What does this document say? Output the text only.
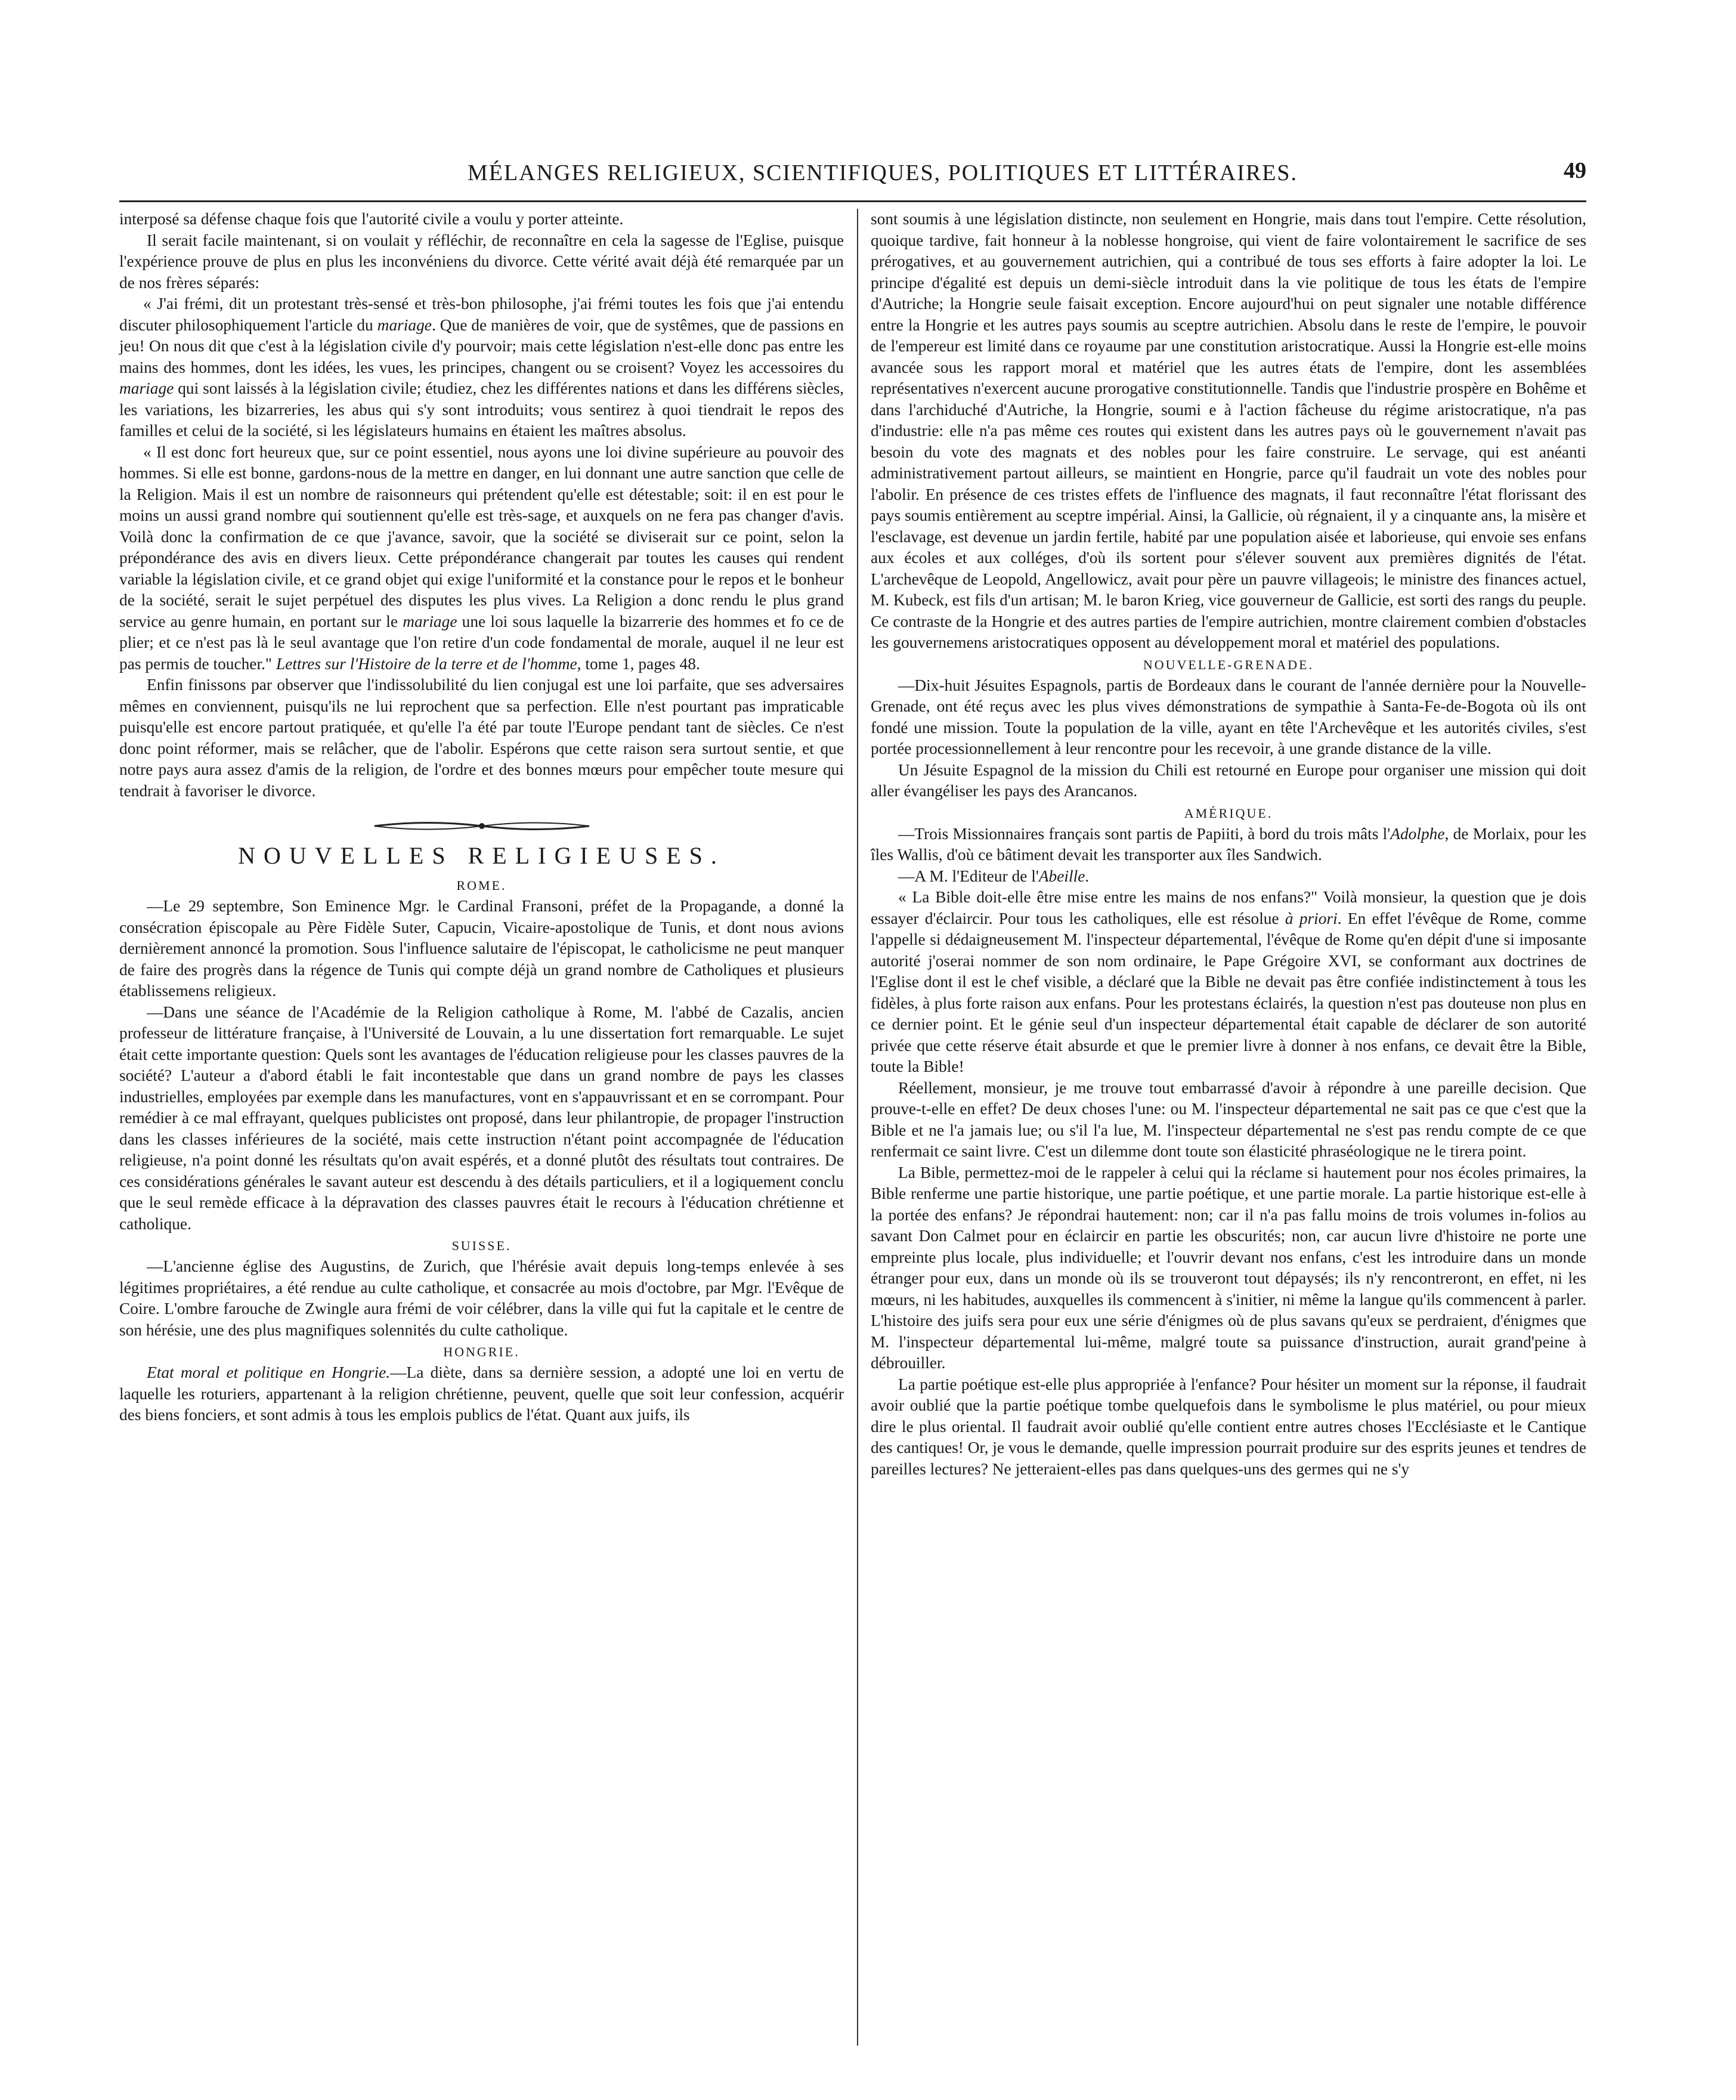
MÉLANGES RELIGIEUX, SCIENTIFIQUES, POLITIQUES ET LITTÉRAIRES.	49

interposé sa défense chaque fois que l'autorité civile a voulu y porter atteinte.

Il serait facile maintenant, si on voulait y réfléchir, de reconnaître en cela la sagesse de l'Eglise, puisque l'expérience prouve de plus en plus les inconvéniens du divorce. Cette vérité avait déjà été remarquée par un de nos frères séparés:

« J'ai frémi, dit un protestant très-sensé et très-bon philosophe, j'ai frémi toutes les fois que j'ai entendu discuter philosophiquement l'article du mariage. Que de manières de voir, que de systêmes, que de passions en jeu! On nous dit que c'est à la législation civile d'y pourvoir; mais cette législation n'est-elle donc pas entre les mains des hommes, dont les idées, les vues, les principes, changent ou se croisent? Voyez les accessoires du mariage qui sont laissés à la législation civile; étudiez, chez les différentes nations et dans les différens siècles, les variations, les bizarreries, les abus qui s'y sont introduits; vous sentirez à quoi tiendrait le repos des familles et celui de la société, si les législateurs humains en étaient les maîtres absolus.

« Il est donc fort heureux que, sur ce point essentiel, nous ayons une loi divine supérieure au pouvoir des hommes. Si elle est bonne, gardons-nous de la mettre en danger, en lui donnant une autre sanction que celle de la Religion. Mais il est un nombre de raisonneurs qui prétendent qu'elle est détestable; soit: il en est pour le moins un aussi grand nombre qui soutiennent qu'elle est très-sage, et auxquels on ne fera pas changer d'avis. Voilà donc la confirmation de ce que j'avance, savoir, que la société se diviserait sur ce point, selon la prépondérance des avis en divers lieux. Cette prépondérance changerait par toutes les causes qui rendent variable la législation civile, et ce grand objet qui exige l'uniformité et la constance pour le repos et le bonheur de la société, serait le sujet perpétuel des disputes les plus vives. La Religion a donc rendu le plus grand service au genre humain, en portant sur le mariage une loi sous laquelle la bizarrerie des hommes et fo ce de plier; et ce n'est pas là le seul avantage que l'on retire d'un code fondamental de morale, auquel il ne leur est pas permis de toucher." Lettres sur l'Histoire de la terre et de l'homme, tome 1, pages 48.

Enfin finissons par observer que l'indissolubilité du lien conjugal est une loi parfaite, que ses adversaires mêmes en conviennent, puisqu'ils ne lui reprochent que sa perfection. Elle n'est pourtant pas impraticable puisqu'elle est encore partout pratiquée, et qu'elle l'a été par toute l'Europe pendant tant de siècles. Ce n'est donc point réformer, mais se relâcher, que de l'abolir. Espérons que cette raison sera surtout sentie, et que notre pays aura assez d'amis de la religion, de l'ordre et des bonnes mœurs pour empêcher toute mesure qui tendrait à favoriser le divorce.

NOUVELLES RELIGIEUSES.
ROME.

—Le 29 septembre, Son Eminence Mgr. le Cardinal Fransoni, préfet de la Propagande, a donné la consécration épiscopale au Père Fidèle Suter, Capucin, Vicaire-apostolique de Tunis, et dont nous avions dernièrement annoncé la promotion. Sous l'influence salutaire de l'épiscopat, le catholicisme ne peut manquer de faire des progrès dans la régence de Tunis qui compte déjà un grand nombre de Catholiques et plusieurs établissemens religieux.

—Dans une séance de l'Académie de la Religion catholique à Rome, M. l'abbé de Cazalis, ancien professeur de littérature française, à l'Université de Louvain, a lu une dissertation fort remarquable. Le sujet était cette importante question: Quels sont les avantages de l'éducation religieuse pour les classes pauvres de la société? L'auteur a d'abord établi le fait incontestable que dans un grand nombre de pays les classes industrielles, employées par exemple dans les manufactures, vont en s'appauvrissant et en se corrompant. Pour remédier à ce mal effrayant, quelques publicistes ont proposé, dans leur philantropie, de propager l'instruction dans les classes inférieures de la société, mais cette instruction n'étant point accompagnée de l'éducation religieuse, n'a point donné les résultats qu'on avait espérés, et a donné plutôt des résultats tout contraires. De ces considérations générales le savant auteur est descendu à des détails particuliers, et il a logiquement conclu que le seul remède efficace à la dépravation des classes pauvres était le recours à l'éducation chrétienne et catholique.

SUISSE.

—L'ancienne église des Augustins, de Zurich, que l'hérésie avait depuis long-temps enlevée à ses légitimes propriétaires, a été rendue au culte catholique, et consacrée au mois d'octobre, par Mgr. l'Evêque de Coire. L'ombre farouche de Zwingle aura frémi de voir célébrer, dans la ville qui fut la capitale et le centre de son hérésie, une des plus magnifiques solennités du culte catholique.

HONGRIE.

Etat moral et politique en Hongrie.—La diète, dans sa dernière session, a adopté une loi en vertu de laquelle les roturiers, appartenant à la religion chrétienne, peuvent, quelle que soit leur confession, acquérir des biens fonciers, et sont admis à tous les emplois publics de l'état. Quant aux juifs, ils

sont soumis à une législation distincte, non seulement en Hongrie, mais dans tout l'empire. Cette résolution, quoique tardive, fait honneur à la noblesse hongroise, qui vient de faire volontairement le sacrifice de ses prérogatives, et au gouvernement autrichien, qui a contribué de tous ses efforts à faire adopter la loi. Le principe d'égalité est depuis un demi-siècle introduit dans la vie politique de tous les états de l'empire d'Autriche; la Hongrie seule faisait exception. Encore aujourd'hui on peut signaler une notable différence entre la Hongrie et les autres pays soumis au sceptre autrichien. Absolu dans le reste de l'empire, le pouvoir de l'empereur est limité dans ce royaume par une constitution aristocratique. Aussi la Hongrie est-elle moins avancée sous les rapport moral et matériel que les autres états de l'empire, dont les assemblées représentatives n'exercent aucune prorogative constitutionnelle. Tandis que l'industrie prospère en Bohême et dans l'archiduché d'Autriche, la Hongrie, soumi e à l'action fâcheuse du régime aristocratique, n'a pas d'industrie: elle n'a pas même ces routes qui existent dans les autres pays où le gouvernement n'avait pas besoin du vote des magnats et des nobles pour les faire construire. Le servage, qui est anéanti administrativement partout ailleurs, se maintient en Hongrie, parce qu'il faudrait un vote des nobles pour l'abolir. En présence de ces tristes effets de l'influence des magnats, il faut reconnaître l'état florissant des pays soumis entièrement au sceptre impérial. Ainsi, la Gallicie, où régnaient, il y a cinquante ans, la misère et l'esclavage, est devenue un jardin fertile, habité par une population aisée et laborieuse, qui envoie ses enfans aux écoles et aux colléges, d'où ils sortent pour s'élever souvent aux premières dignités de l'état. L'archevêque de Leopold, Angellowicz, avait pour père un pauvre villageois; le ministre des finances actuel, M. Kubeck, est fils d'un artisan; M. le baron Krieg, vice gouverneur de Gallicie, est sorti des rangs du peuple. Ce contraste de la Hongrie et des autres parties de l'empire autrichien, montre clairement combien d'obstacles les gouvernemens aristocratiques opposent au développement moral et matériel des populations.

NOUVELLE-GRENADE.

—Dix-huit Jésuites Espagnols, partis de Bordeaux dans le courant de l'année dernière pour la Nouvelle-Grenade, ont été reçus avec les plus vives démonstrations de sympathie à Santa-Fe-de-Bogota où ils ont fondé une mission. Toute la population de la ville, ayant en tête l'Archevêque et les autorités civiles, s'est portée processionnellement à leur rencontre pour les recevoir, à une grande distance de la ville.

Un Jésuite Espagnol de la mission du Chili est retourné en Europe pour organiser une mission qui doit aller évangéliser les pays des Arancanos.

AMÉRIQUE.

—Trois Missionnaires français sont partis de Papiiti, à bord du trois mâts l'Adolphe, de Morlaix, pour les îles Wallis, d'où ce bâtiment devait les transporter aux îles Sandwich.

—A M. l'Editeur de l'Abeille.

« La Bible doit-elle être mise entre les mains de nos enfans?" Voilà monsieur, la question que je dois essayer d'éclaircir. Pour tous les catholiques, elle est résolue à priori. En effet l'évêque de Rome, comme l'appelle si dédaigneusement M. l'inspecteur départemental, l'évêque de Rome qu'en dépit d'une si imposante autorité j'oserai nommer de son nom ordinaire, le Pape Grégoire XVI, se conformant aux doctrines de l'Eglise dont il est le chef visible, a déclaré que la Bible ne devait pas être confiée indistinctement à tous les fidèles, à plus forte raison aux enfans. Pour les protestans éclairés, la question n'est pas douteuse non plus en ce dernier point. Et le génie seul d'un inspecteur départemental était capable de déclarer de son autorité privée que cette réserve était absurde et que le premier livre à donner à nos enfans, ce devait être la Bible, toute la Bible!

Réellement, monsieur, je me trouve tout embarrassé d'avoir à répondre à une pareille decision. Que prouve-t-elle en effet? De deux choses l'une: ou M. l'inspecteur départemental ne sait pas ce que c'est que la Bible et ne l'a jamais lue; ou s'il l'a lue, M. l'inspecteur départemental ne s'est pas rendu compte de ce que renfermait ce saint livre. C'est un dilemme dont toute son élasticité phraséologique ne le tirera point.

La Bible, permettez-moi de le rappeler à celui qui la réclame si hautement pour nos écoles primaires, la Bible renferme une partie historique, une partie poétique, et une partie morale. La partie historique est-elle à la portée des enfans? Je répondrai hautement: non; car il n'a pas fallu moins de trois volumes in-folios au savant Don Calmet pour en éclaircir en partie les obscurités; non, car aucun livre d'histoire ne porte une empreinte plus locale, plus individuelle; et l'ouvrir devant nos enfans, c'est les introduire dans un monde étranger pour eux, dans un monde où ils se trouveront tout dépaysés; ils n'y rencontreront, en effet, ni les mœurs, ni les habitudes, auxquelles ils commencent à s'initier, ni même la langue qu'ils commencent à parler. L'histoire des juifs sera pour eux une série d'énigmes où de plus savans qu'eux se perdraient, d'énigmes que M. l'inspecteur départemental lui-même, malgré toute sa puissance d'instruction, aurait grand'peine à débrouiller.

La partie poétique est-elle plus appropriée à l'enfance? Pour hésiter un moment sur la réponse, il faudrait avoir oublié que la partie poétique tombe quelquefois dans le symbolisme le plus matériel, ou pour mieux dire le plus oriental. Il faudrait avoir oublié qu'elle contient entre autres choses l'Ecclésiaste et le Cantique des cantiques! Or, je vous le demande, quelle impression pourrait produire sur des esprits jeunes et tendres de pareilles lectures? Ne jetteraient-elles pas dans quelques-uns des germes qui ne s'y
